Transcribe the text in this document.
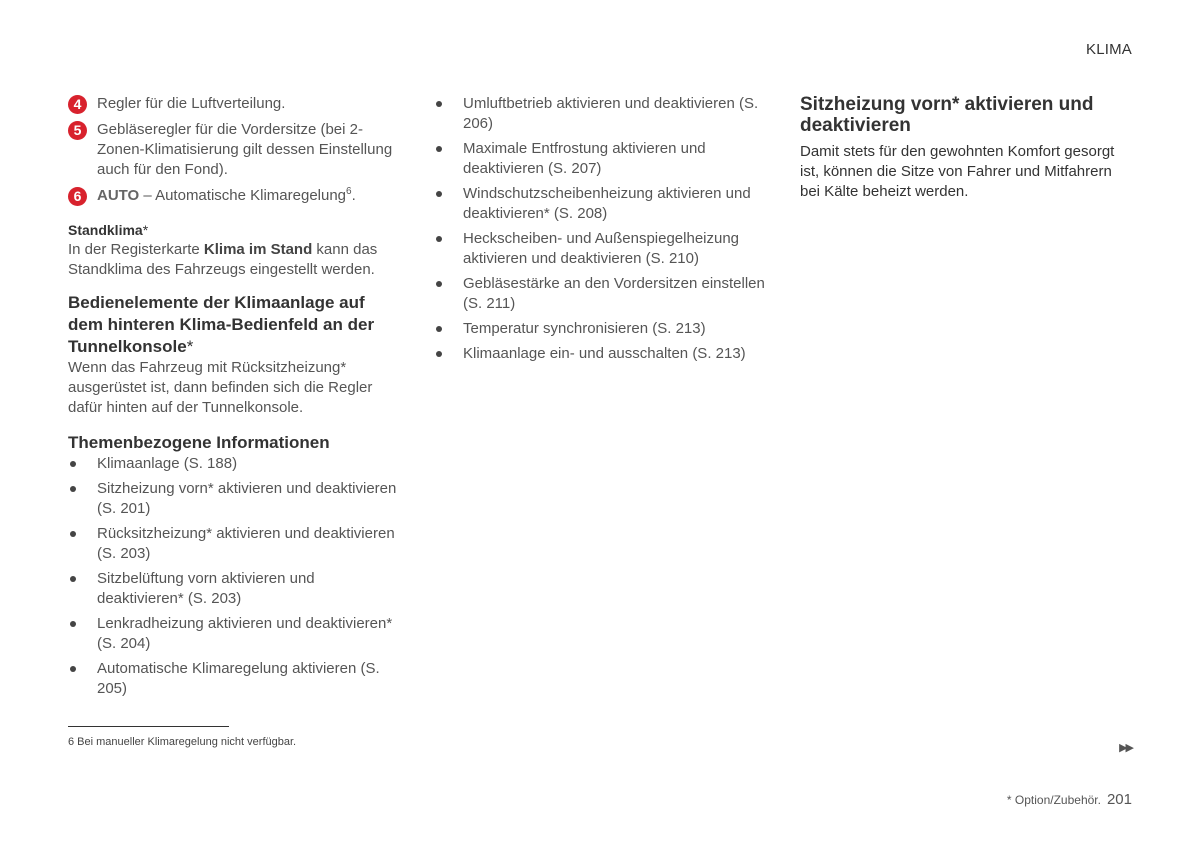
KLIMA
4	Regler für die Luftverteilung.
5	Gebläseregler für die Vordersitze (bei 2-Zonen-Klimatisierung gilt dessen Einstellung auch für den Fond).
6	AUTO – Automatische Klimaregelung$^6$.
Standklima*

In der Registerkarte Klima im Stand kann das Standklima des Fahrzeugs eingestellt werden.

Bedienelemente der Klimaanlage auf dem hinteren Klima-Bedienfeld an der Tunnelkonsole*

Wenn das Fahrzeug mit Rücksitzheizung* ausgerüstet ist, dann befinden sich die Regler dafür hinten auf der Tunnelkonsole.

Themenbezogene Informationen
Klimaanlage (S. 188)
Sitzheizung vorn* aktivieren und deaktivieren (S. 201)
Rücksitzheizung* aktivieren und deaktivieren (S. 203)
Sitzbelüftung vorn aktivieren und deaktivieren* (S. 203)
Lenkradheizung aktivieren und deaktivieren* (S. 204)
Automatische Klimaregelung aktivieren (S. 205)
Umluftbetrieb aktivieren und deaktivieren (S. 206)
Maximale Entfrostung aktivieren und deaktivieren (S. 207)
Windschutzscheibenheizung aktivieren und deaktivieren* (S. 208)
Heckscheiben- und Außenspiegelheizung aktivieren und deaktivieren (S. 210)
Gebläsestärke an den Vordersitzen einstellen (S. 211)
Temperatur synchronisieren (S. 213)
Klimaanlage ein- und ausschalten (S. 213)
Sitzheizung vorn* aktivieren und deaktivieren

Damit stets für den gewohnten Komfort gesorgt ist, können die Sitze von Fahrer und Mitfahrern bei Kälte beheizt werden.

6 Bei manueller Klimaregelung nicht verfügbar.	▶▶
* Option/Zubehör. 201
